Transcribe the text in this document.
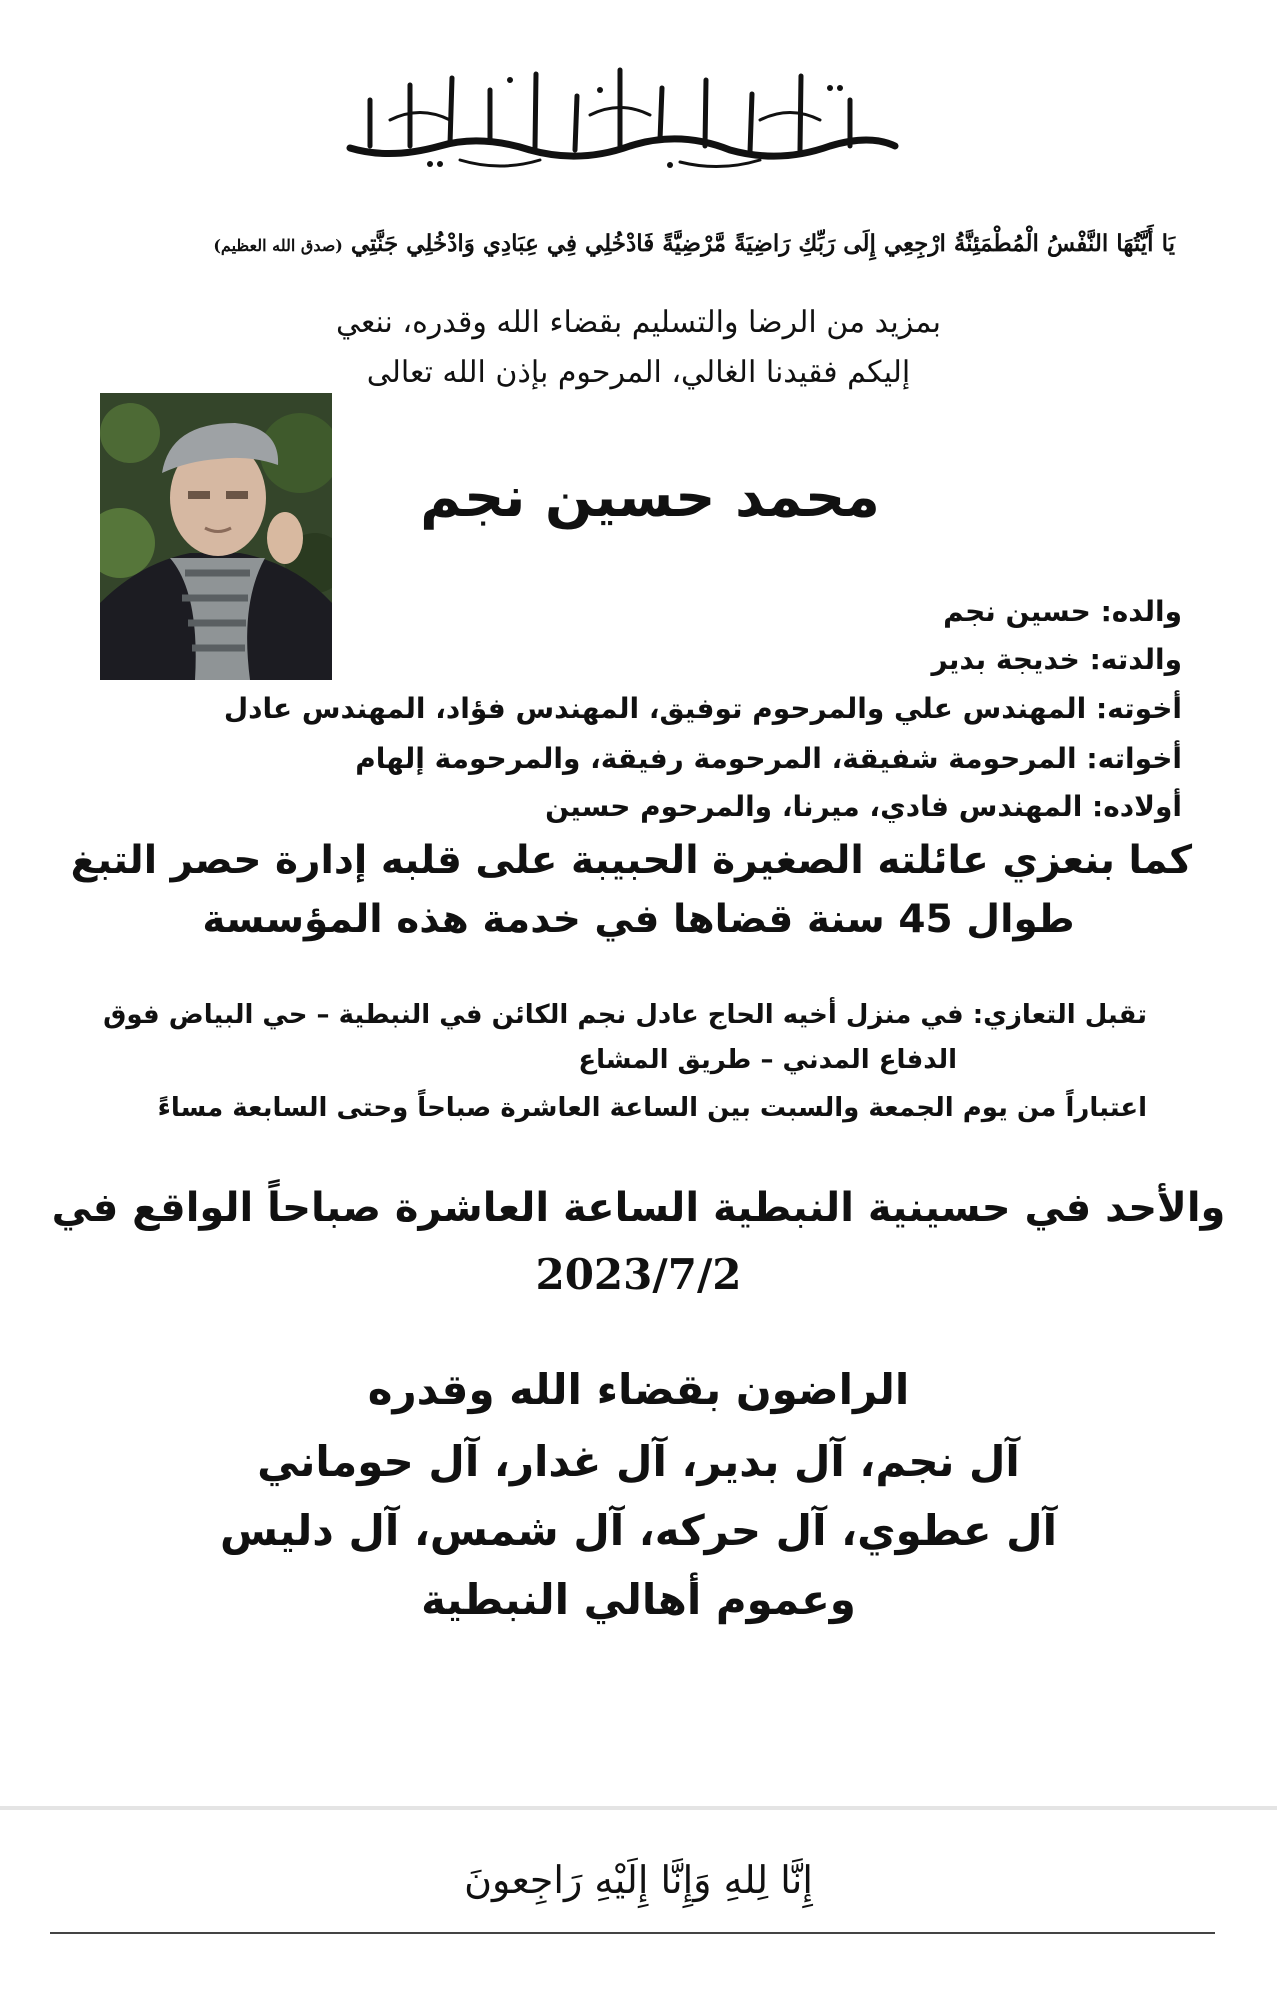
يَا أَيَّتُهَا النَّفْسُ الْمُطْمَئِنَّةُ ارْجِعِي إِلَى رَبِّكِ رَاضِيَةً مَّرْضِيَّةً فَادْخُلِي فِي عِبَادِي وَادْخُلِي جَنَّتِي (صدق الله العظيم)
بمزيد من الرضا والتسليم بقضاء الله وقدره، ننعي
إليكم فقيدنا الغالي، المرحوم بإذن الله تعالى
محمد حسين نجم
والده: حسين نجم
والدته: خديجة بدير
أخوته: المهندس علي والمرحوم توفيق، المهندس فؤاد، المهندس عادل
أخواته: المرحومة شفيقة، المرحومة رفيقة، والمرحومة إلهام
أولاده: المهندس فادي، ميرنا، والمرحوم حسين
كما بنعزي عائلته الصغيرة الحبيبة على قلبه إدارة حصر التبغ
طوال 45 سنة قضاها في خدمة هذه المؤسسة
تقبل التعازي: في منزل أخيه الحاج عادل نجم الكائن في النبطية – حي البياض فوق
الدفاع المدني – طريق المشاع
اعتباراً من يوم الجمعة والسبت بين الساعة العاشرة صباحاً وحتى السابعة مساءً
والأحد في حسينية النبطية الساعة العاشرة صباحاً الواقع في
2023/7/2
الراضون بقضاء الله وقدره
آل نجم، آل بدير، آل غدار، آل حوماني
آل عطوي، آل حركه، آل شمس، آل دليس
وعموم أهالي النبطية
إِنَّا لِلهِ وَإِنَّا إِلَيْهِ رَاجِعونَ
